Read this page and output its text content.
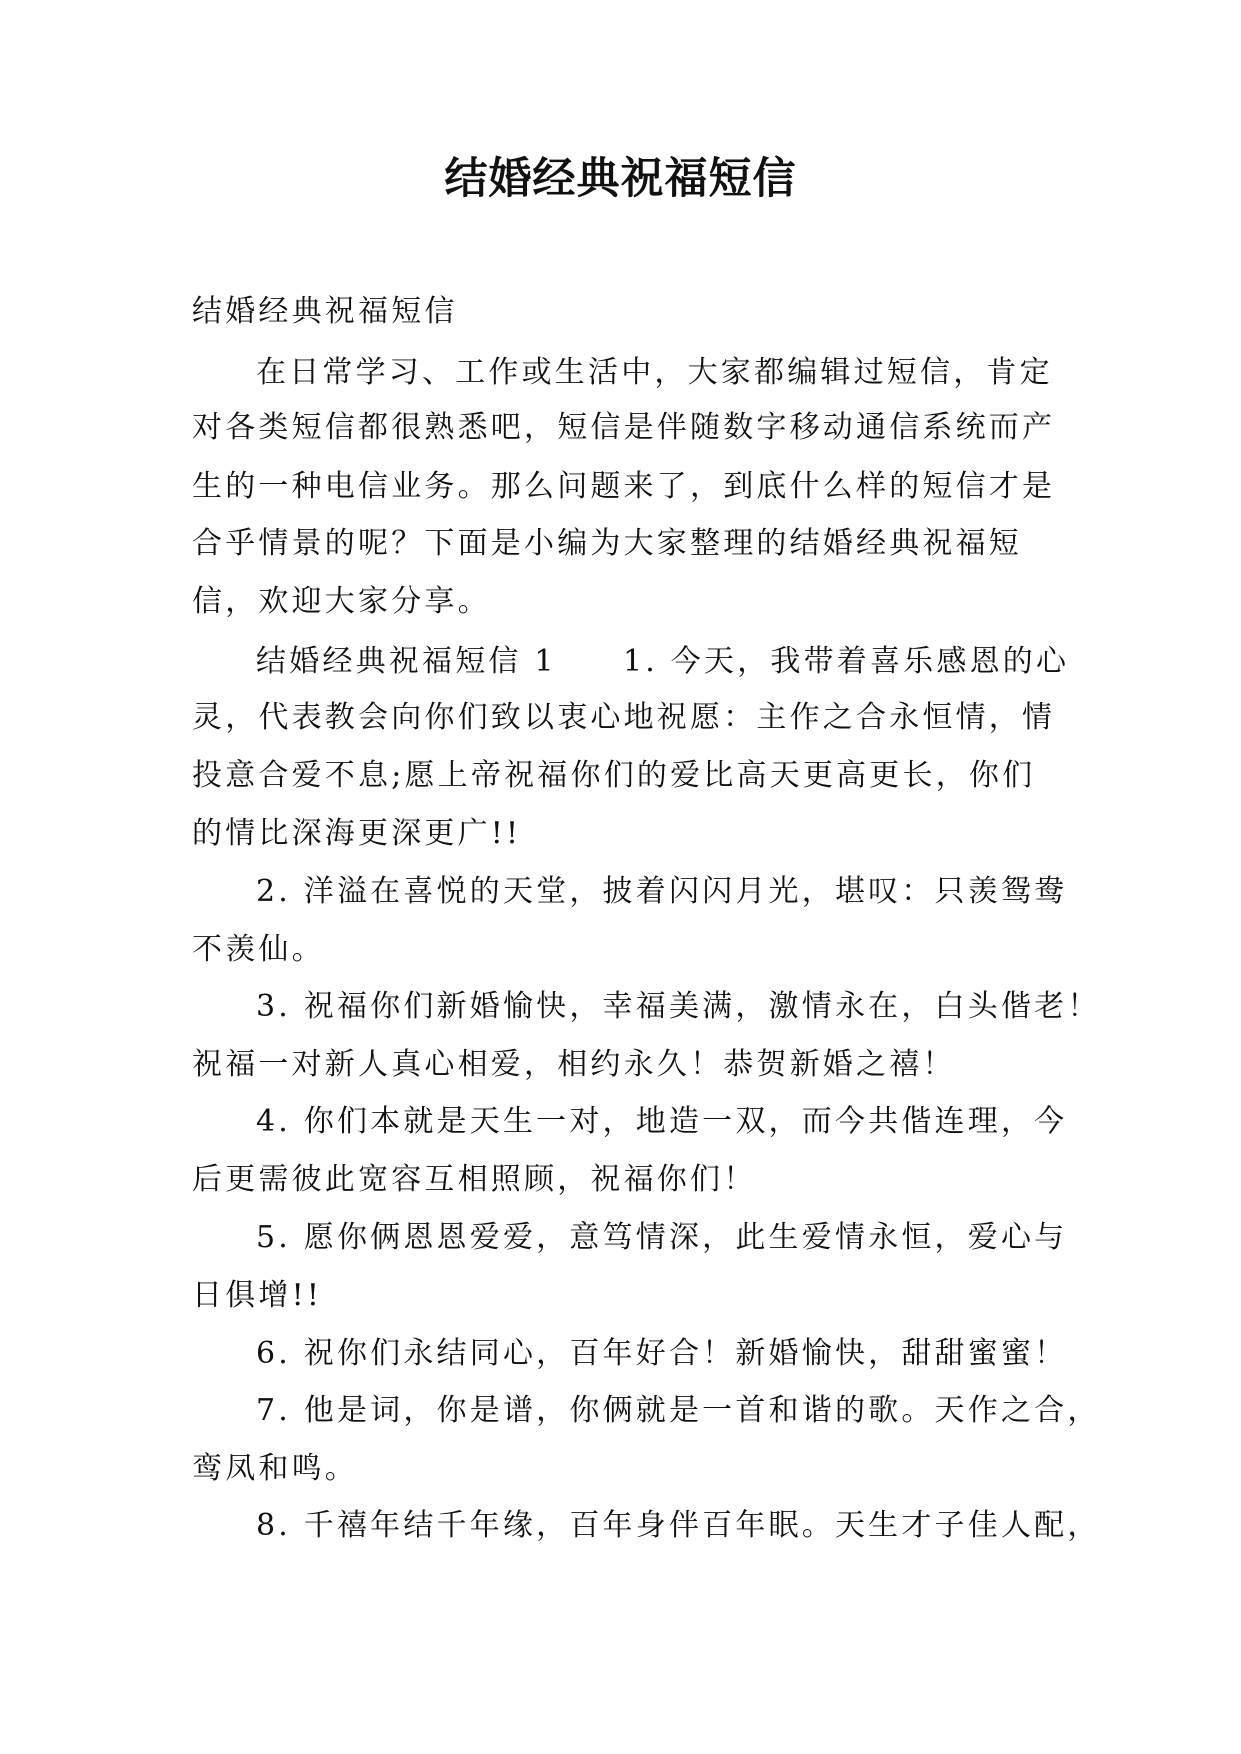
结婚经典祝福短信
结婚经典祝福短信
在日常学习、工作或生活中，大家都编辑过短信，肯定
对各类短信都很熟悉吧，短信是伴随数字移动通信系统而产
生的一种电信业务。那么问题来了，到底什么样的短信才是
合乎情景的呢？下面是小编为大家整理的结婚经典祝福短
信，欢迎大家分享。
结婚经典祝福短信 1　　1. 今天，我带着喜乐感恩的心
灵，代表教会向你们致以衷心地祝愿：主作之合永恒情，情
投意合爱不息;愿上帝祝福你们的爱比高天更高更长，你们
的情比深海更深更广!!
2. 洋溢在喜悦的天堂，披着闪闪月光，堪叹：只羡鸳鸯
不羡仙。
3. 祝福你们新婚愉快，幸福美满，激情永在，白头偕老！
祝福一对新人真心相爱，相约永久！恭贺新婚之禧！
4. 你们本就是天生一对，地造一双，而今共偕连理，今
后更需彼此宽容互相照顾，祝福你们！
5. 愿你俩恩恩爱爱，意笃情深，此生爱情永恒，爱心与
日俱增!!
6. 祝你们永结同心，百年好合！新婚愉快，甜甜蜜蜜！
7. 他是词，你是谱，你俩就是一首和谐的歌。天作之合，
鸾凤和鸣。
8. 千禧年结千年缘，百年身伴百年眠。天生才子佳人配，
